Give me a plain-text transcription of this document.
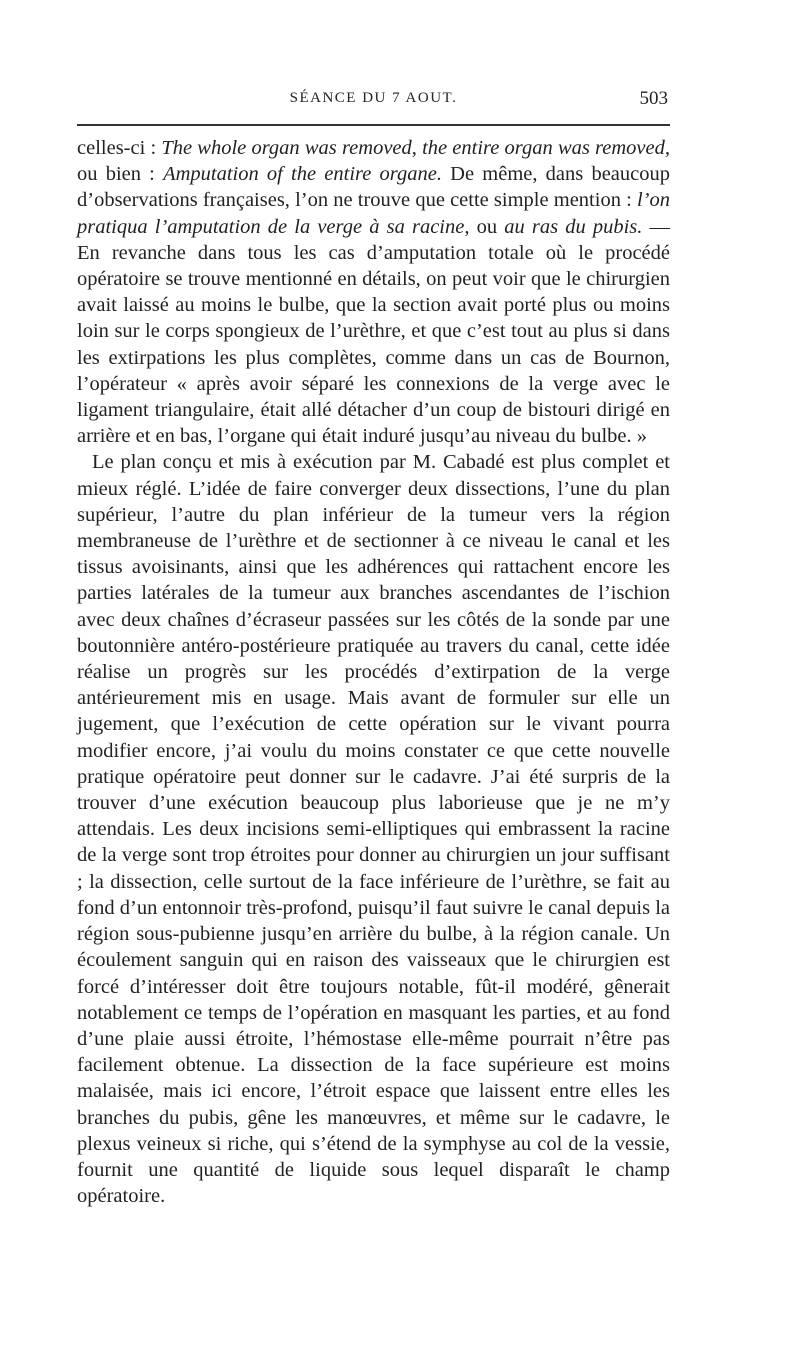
SÉANCE DU 7 AOUT.	503

celles-ci : The whole organ was removed, the entire organ was removed, ou bien : Amputation of the entire organe. De même, dans beaucoup d’observations françaises, l’on ne trouve que cette simple mention : l’on pratiqua l’amputation de la verge à sa racine, ou au ras du pubis. — En revanche dans tous les cas d’amputation totale où le procédé opératoire se trouve mentionné en détails, on peut voir que le chirurgien avait laissé au moins le bulbe, que la section avait porté plus ou moins loin sur le corps spongieux de l’urèthre, et que c’est tout au plus si dans les extirpations les plus complètes, comme dans un cas de Bournon, l’opérateur « après avoir séparé les connexions de la verge avec le ligament triangulaire, était allé détacher d’un coup de bistouri dirigé en arrière et en bas, l’organe qui était induré jusqu’au niveau du bulbe. »

Le plan conçu et mis à exécution par M. Cabadé est plus complet et mieux réglé. L’idée de faire converger deux dissections, l’une du plan supérieur, l’autre du plan inférieur de la tumeur vers la région membraneuse de l’urèthre et de sectionner à ce niveau le canal et les tissus avoisinants, ainsi que les adhérences qui rattachent encore les parties latérales de la tumeur aux branches ascendantes de l’ischion avec deux chaînes d’écraseur passées sur les côtés de la sonde par une boutonnière antéro-postérieure pratiquée au travers du canal, cette idée réalise un progrès sur les procédés d’extirpation de la verge antérieurement mis en usage. Mais avant de formuler sur elle un jugement, que l’exécution de cette opération sur le vivant pourra modifier encore, j’ai voulu du moins constater ce que cette nouvelle pratique opératoire peut donner sur le cadavre. J’ai été surpris de la trouver d’une exécution beaucoup plus laborieuse que je ne m’y attendais. Les deux incisions semi-elliptiques qui embrassent la racine de la verge sont trop étroites pour donner au chirurgien un jour suffisant ; la dissection, celle surtout de la face inférieure de l’urèthre, se fait au fond d’un entonnoir très-profond, puisqu’il faut suivre le canal depuis la région sous-pubienne jusqu’en arrière du bulbe, à la région canale. Un écoulement sanguin qui en raison des vaisseaux que le chirurgien est forcé d’intéresser doit être toujours notable, fût-il modéré, gênerait notablement ce temps de l’opération en masquant les parties, et au fond d’une plaie aussi étroite, l’hémostase elle-même pourrait n’être pas facilement obtenue. La dissection de la face supérieure est moins malaisée, mais ici encore, l’étroit espace que laissent entre elles les branches du pubis, gêne les manœuvres, et même sur le cadavre, le plexus veineux si riche, qui s’étend de la symphyse au col de la vessie, fournit une quantité de liquide sous lequel disparaît le champ opératoire.
